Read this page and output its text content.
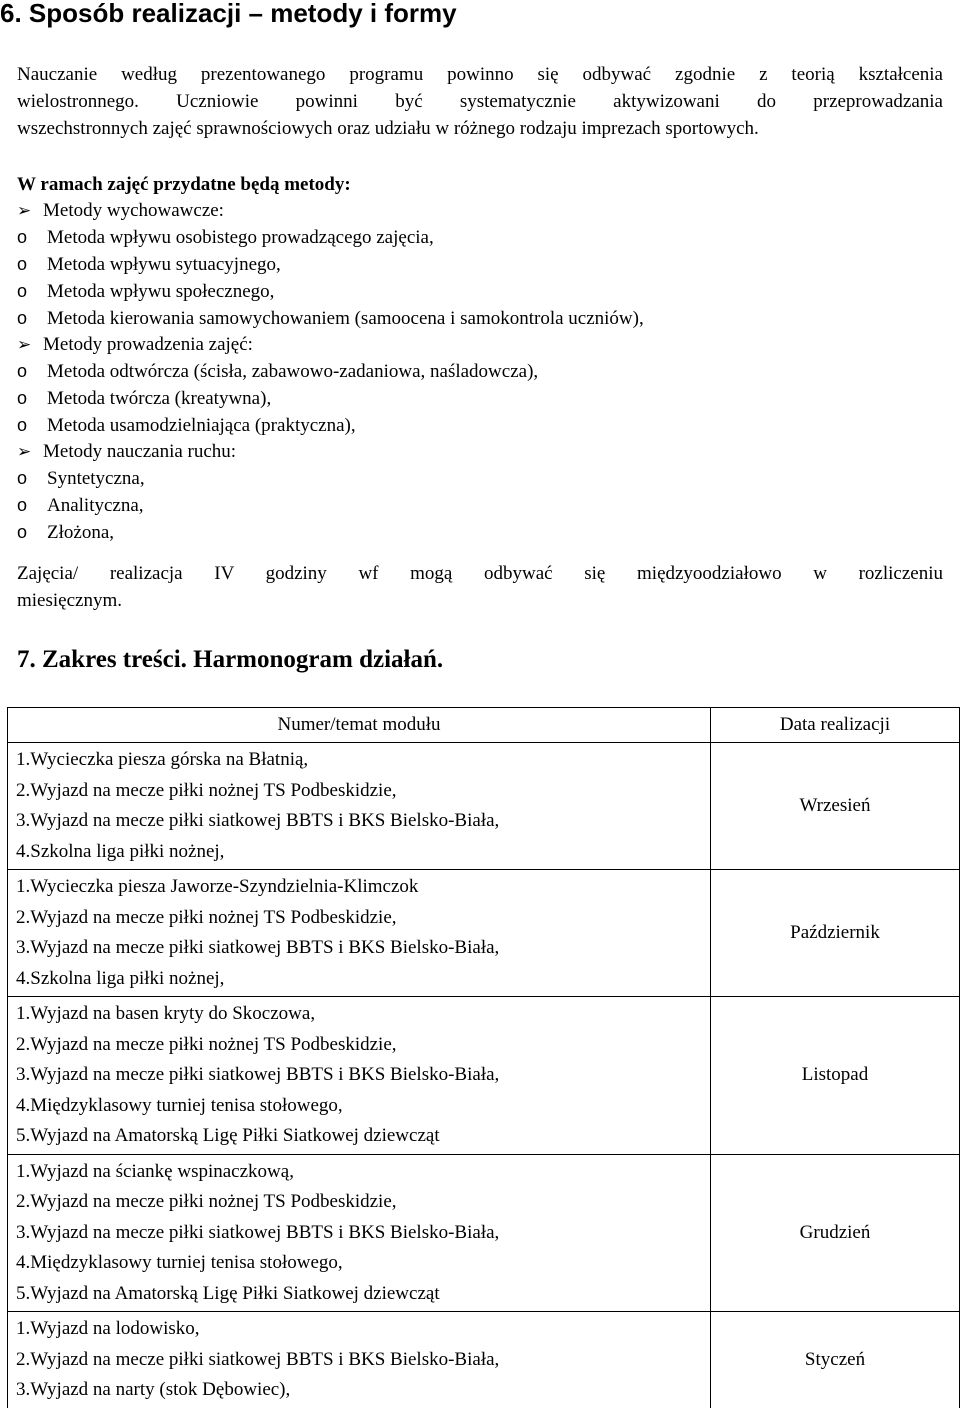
6. Sposób realizacji – metody i formy

Nauczanie według prezentowanego programu powinno się odbywać zgodnie z teorią kształcenia
wielostronnego. Uczniowie powinni być systematycznie aktywizowani do przeprowadzania
wszechstronnych zajęć sprawnościowych oraz udziału w różnego rodzaju imprezach sportowych.

W ramach zajęć przydatne będą metody:
➢ Metody wychowawcze:
o	Metoda wpływu osobistego prowadzącego zajęcia,
o	Metoda wpływu sytuacyjnego,
o	Metoda wpływu społecznego,
o	Metoda kierowania samowychowaniem (samoocena i samokontrola uczniów),
➢ Metody prowadzenia zajęć:
o	Metoda odtwórcza (ścisła, zabawowo-zadaniowa, naśladowcza),
o	Metoda twórcza (kreatywna),
o	Metoda usamodzielniająca (praktyczna),
➢ Metody nauczania ruchu:
o	Syntetyczna,
o	Analityczna,
o	Złożona,

Zajęcia/ realizacja IV godziny wf mogą odbywać się międzyoodziałowo w rozliczeniu
miesięcznym.

7. Zakres treści. Harmonogram działań.
Numer/temat modułu	Data realizacji

1.Wycieczka piesza górska na Błatnią,
2.Wyjazd na mecze piłki nożnej TS Podbeskidzie,
3.Wyjazd na mecze piłki siatkowej BBTS i BKS Bielsko-Biała,
4.Szkolna liga piłki nożnej,	Wrzesień

1.Wycieczka piesza Jaworze-Szyndzielnia-Klimczok
2.Wyjazd na mecze piłki nożnej TS Podbeskidzie,
3.Wyjazd na mecze piłki siatkowej BBTS i BKS Bielsko-Biała,
4.Szkolna liga piłki nożnej,	Październik

1.Wyjazd na basen kryty do Skoczowa,
2.Wyjazd na mecze piłki nożnej TS Podbeskidzie,
3.Wyjazd na mecze piłki siatkowej BBTS i BKS Bielsko-Biała,
4.Międzyklasowy turniej tenisa stołowego,
5.Wyjazd na Amatorską Ligę Piłki Siatkowej dziewcząt	Listopad

1.Wyjazd na ściankę wspinaczkową,
2.Wyjazd na mecze piłki nożnej TS Podbeskidzie,
3.Wyjazd na mecze piłki siatkowej BBTS i BKS Bielsko-Biała,
4.Międzyklasowy turniej tenisa stołowego,
5.Wyjazd na Amatorską Ligę Piłki Siatkowej dziewcząt	Grudzień

1.Wyjazd na lodowisko,
2.Wyjazd na mecze piłki siatkowej BBTS i BKS Bielsko-Biała,
3.Wyjazd na narty (stok Dębowiec),	Styczeń
